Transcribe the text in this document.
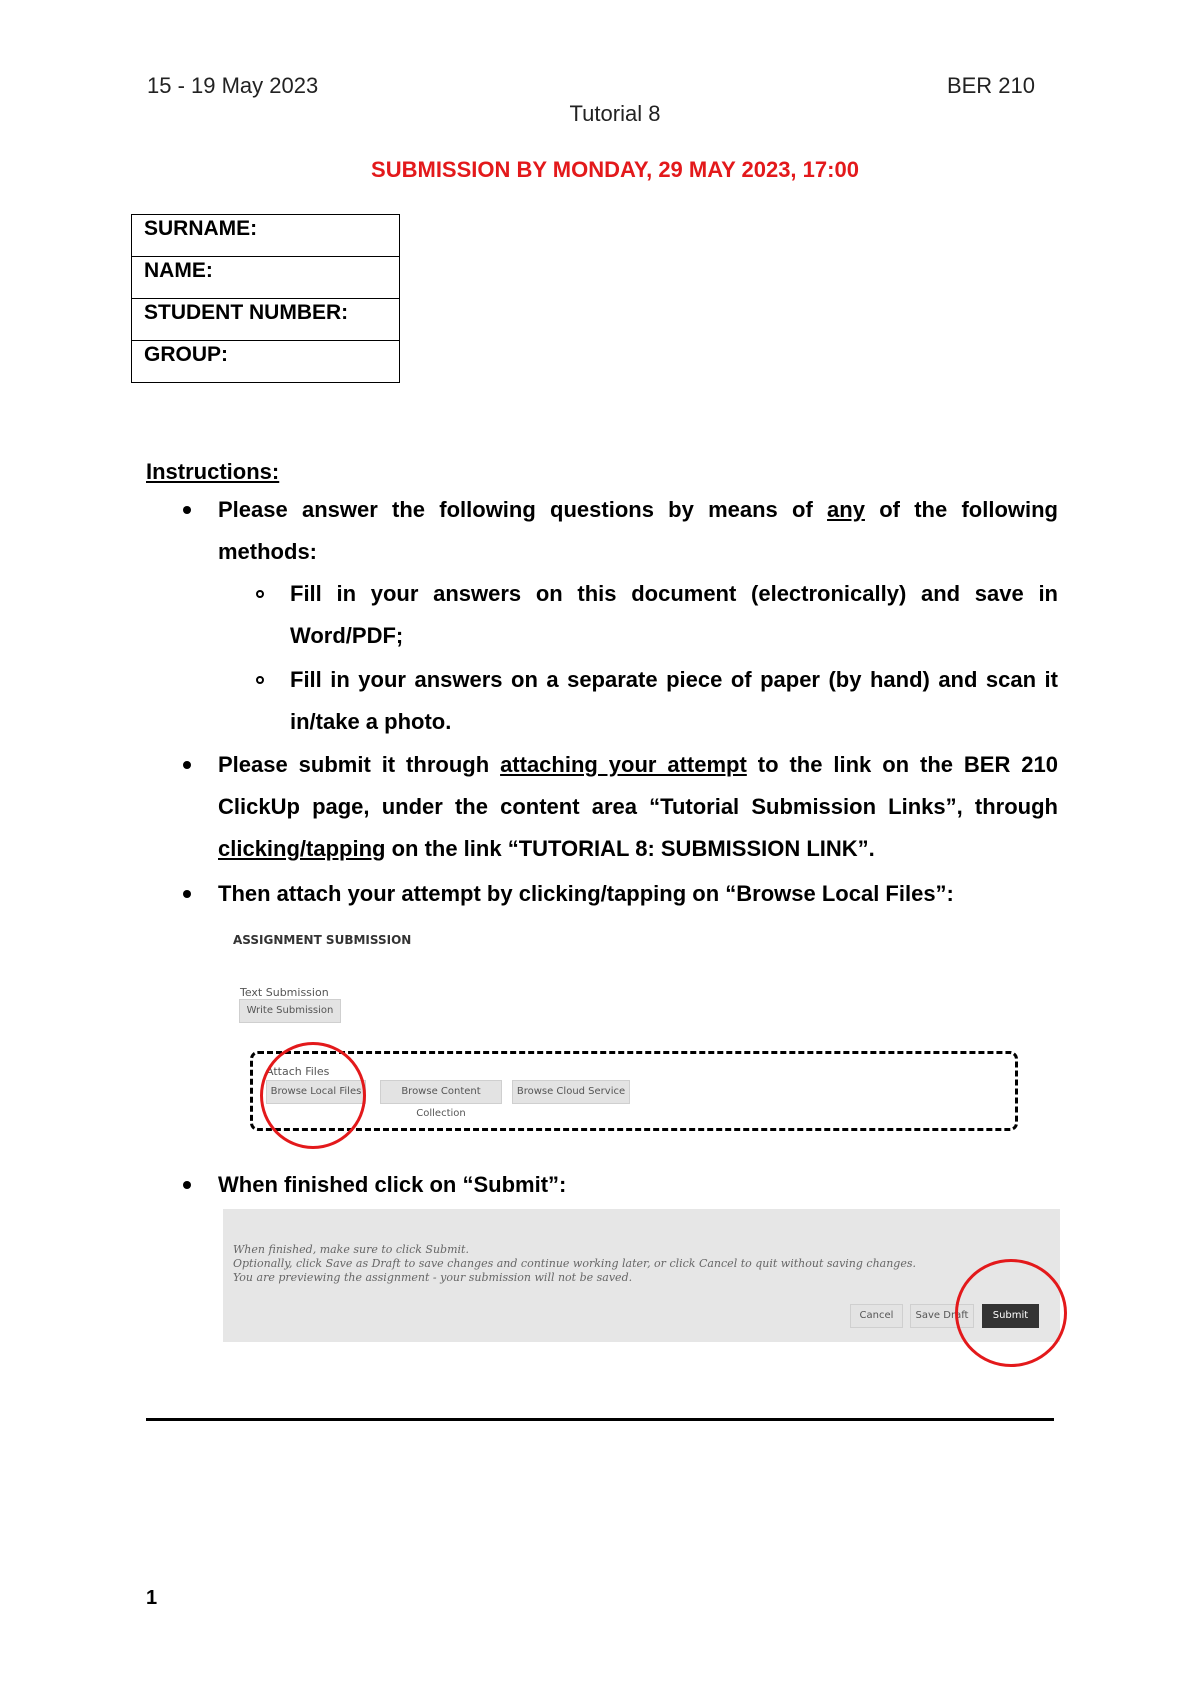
15 - 19 May 2023	BER 210
Tutorial 8
SUBMISSION BY MONDAY, 29 MAY 2023, 17:00
SURNAME:
NAME:
STUDENT NUMBER:
GROUP:
Instructions:
Please answer the following questions by means of any of the following methods:
Fill in your answers on this document (electronically) and save in Word/PDF;
Fill in your answers on a separate piece of paper (by hand) and scan it in/take a photo.
Please submit it through attaching your attempt to the link on the BER 210 ClickUp page, under the content area “Tutorial Submission Links”, through clicking/tapping on the link “TUTORIAL 8: SUBMISSION LINK”.
Then attach your attempt by clicking/tapping on “Browse Local Files”:
ASSIGNMENT SUBMISSION
Text Submission
Write Submission
Attach Files
Browse Local Files	Browse Content Collection
Browse Cloud Service
When finished click on “Submit”:
When finished, make sure to click Submit.
Optionally, click Save as Draft to save changes and continue working later, or click Cancel to quit without saving changes.
You are previewing the assignment - your submission will not be saved.
Cancel	Save Draft	Submit
1
